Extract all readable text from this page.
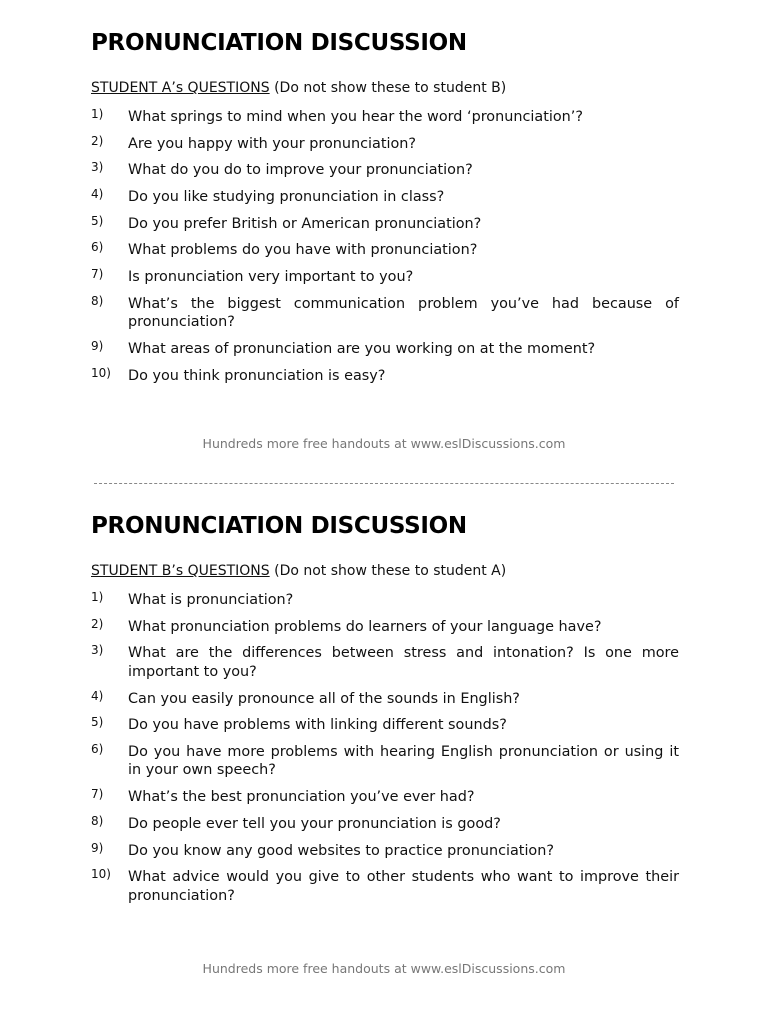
PRONUNCIATION DISCUSSION
STUDENT A’s QUESTIONS (Do not show these to student B)
1) What springs to mind when you hear the word ‘pronunciation’?
2) Are you happy with your pronunciation?
3) What do you do to improve your pronunciation?
4) Do you like studying pronunciation in class?
5) Do you prefer British or American pronunciation?
6) What problems do you have with pronunciation?
7) Is pronunciation very important to you?
8) What’s the biggest communication problem you’ve had because of pronunciation?
9) What areas of pronunciation are you working on at the moment?
10) Do you think pronunciation is easy?
Hundreds more free handouts at www.eslDiscussions.com
PRONUNCIATION DISCUSSION
STUDENT B’s QUESTIONS (Do not show these to student A)
1) What is pronunciation?
2) What pronunciation problems do learners of your language have?
3) What are the differences between stress and intonation? Is one more important to you?
4) Can you easily pronounce all of the sounds in English?
5) Do you have problems with linking different sounds?
6) Do you have more problems with hearing English pronunciation or using it in your own speech?
7) What’s the best pronunciation you’ve ever had?
8) Do people ever tell you your pronunciation is good?
9) Do you know any good websites to practice pronunciation?
10) What advice would you give to other students who want to improve their pronunciation?
Hundreds more free handouts at www.eslDiscussions.com
